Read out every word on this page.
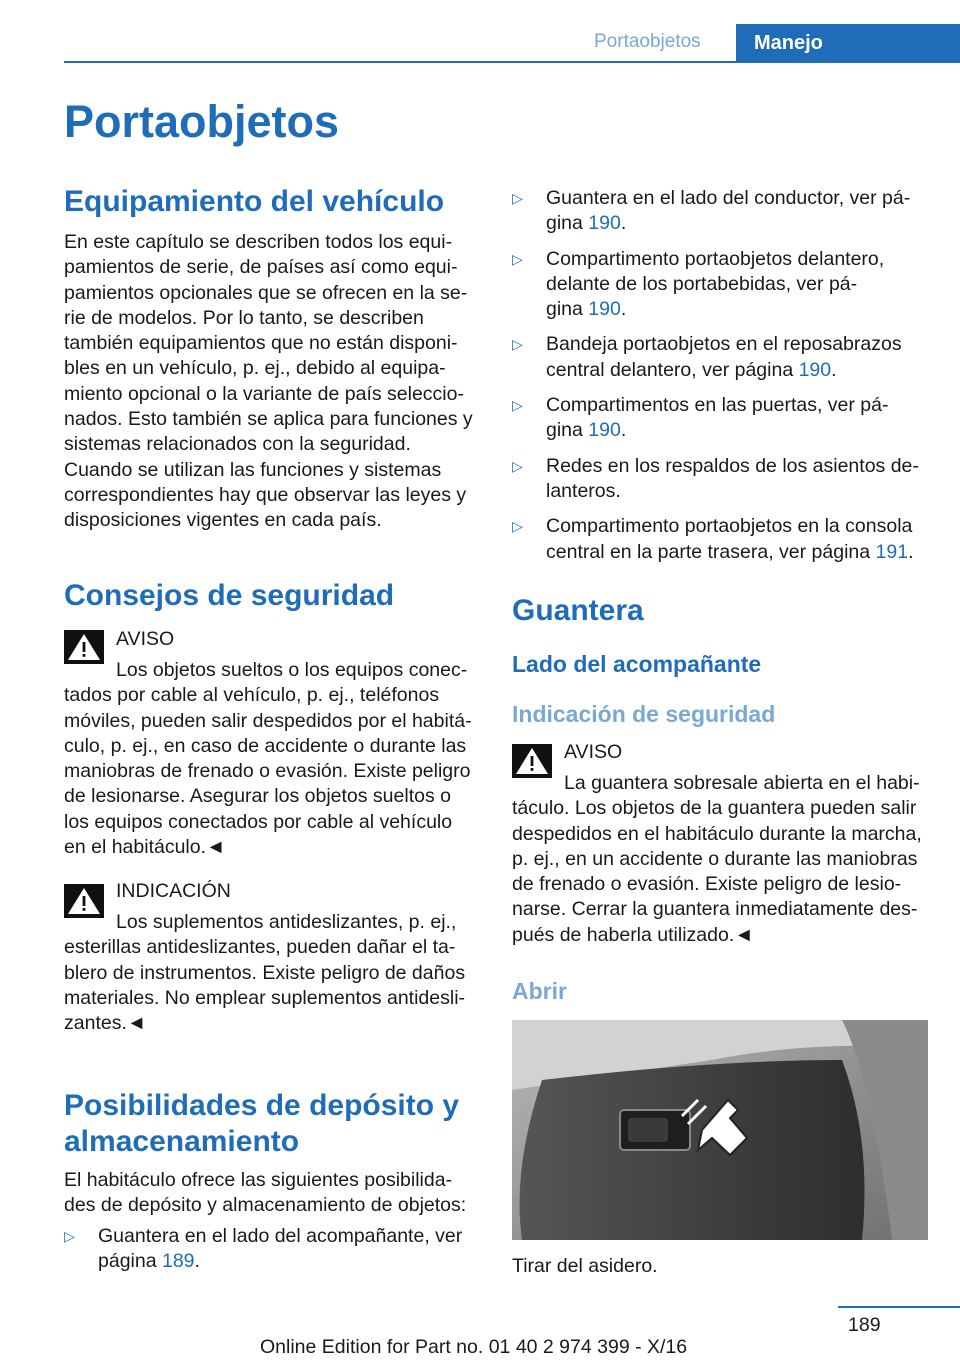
Portaobjetos	Manejo
Portaobjetos
Equipamiento del vehículo
En este capítulo se describen todos los equi-
pamientos de serie, de países así como equi-
pamientos opcionales que se ofrecen en la se-
rie de modelos. Por lo tanto, se describen
también equipamientos que no están disponi-
bles en un vehículo, p. ej., debido al equipa-
miento opcional o la variante de país seleccio-
nados. Esto también se aplica para funciones y
sistemas relacionados con la seguridad.
Cuando se utilizan las funciones y sistemas
correspondientes hay que observar las leyes y
disposiciones vigentes en cada país.
Consejos de seguridad
AVISO
Los objetos sueltos o los equipos conec-
tados por cable al vehículo, p. ej., teléfonos
móviles, pueden salir despedidos por el habitá-
culo, p. ej., en caso de accidente o durante las
maniobras de frenado o evasión. Existe peligro
de lesionarse. Asegurar los objetos sueltos o
los equipos conectados por cable al vehículo
en el habitáculo.◄
INDICACIÓN
Los suplementos antideslizantes, p. ej.,
esterillas antideslizantes, pueden dañar el ta-
blero de instrumentos. Existe peligro de daños
materiales. No emplear suplementos antidesli-
zantes.◄
Posibilidades de depósito y
almacenamiento
El habitáculo ofrece las siguientes posibilida-
des de depósito y almacenamiento de objetos:
▷ Guantera en el lado del acompañante, ver
página 189.
▷ Guantera en el lado del conductor, ver pá-
gina 190.
▷ Compartimento portaobjetos delantero,
delante de los portabebidas, ver pá-
gina 190.
▷ Bandeja portaobjetos en el reposabrazos
central delantero, ver página 190.
▷ Compartimentos en las puertas, ver pá-
gina 190.
▷ Redes en los respaldos de los asientos de-
lanteros.
▷ Compartimento portaobjetos en la consola
central en la parte trasera, ver página 191.
Guantera
Lado del acompañante
Indicación de seguridad
AVISO
La guantera sobresale abierta en el habi-
táculo. Los objetos de la guantera pueden salir
despedidos en el habitáculo durante la marcha,
p. ej., en un accidente o durante las maniobras
de frenado o evasión. Existe peligro de lesio-
narse. Cerrar la guantera inmediatamente des-
pués de haberla utilizado.◄
Abrir
Tirar del asidero.
189
Online Edition for Part no. 01 40 2 974 399 - X/16
